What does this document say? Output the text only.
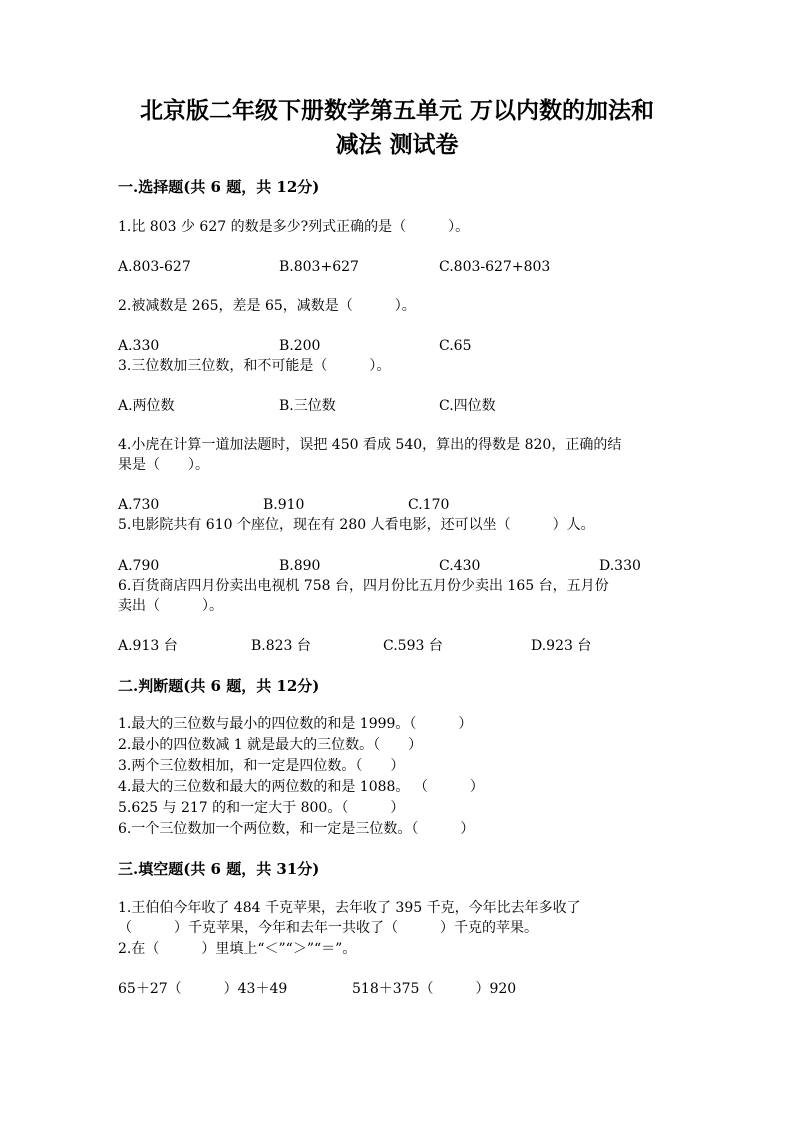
北京版二年级下册数学第五单元 万以内数的加法和
减法 测试卷
一.选择题(共 6 题，共 12分)
1.比 803 少 627 的数是多少?列式正确的是（　　　）。
A.803-627	B.803+627	C.803-627+803
2.被减数是 265，差是 65，减数是（　　　）。
A.330	B.200	C.65
3.三位数加三位数，和不可能是（　　　）。
A.两位数	B.三位数	C.四位数
4.小虎在计算一道加法题时，误把 450 看成 540，算出的得数是 820，正确的结
果是（　　）。
A.730	B.910	C.170
5.电影院共有 610 个座位，现在有 280 人看电影，还可以坐（　　　）人。
A.790	B.890	C.430	D.330
6.百货商店四月份卖出电视机 758 台，四月份比五月份少卖出 165 台，五月份
卖出（　　　）。
A.913 台	B.823 台	C.593 台	D.923 台
二.判断题(共 6 题，共 12分)
1.最大的三位数与最小的四位数的和是 1999。（　　　）
2.最小的四位数减 1 就是最大的三位数。（　　）
3.两个三位数相加，和一定是四位数。（　　）
4.最大的三位数和最大的两位数的和是 1088。 （　　　）
5.625 与 217 的和一定大于 800。（　　　）
6.一个三位数加一个两位数，和一定是三位数。（　　　）
三.填空题(共 6 题，共 31分)
1.王伯伯今年收了 484 千克苹果，去年收了 395 千克，今年比去年多收了
（　　　）千克苹果，今年和去年一共收了（　　　）千克的苹果。
2.在（　　　）里填上“＜”“＞”“＝”。
65＋27（　　　）43＋49	518＋375（　　　）920
